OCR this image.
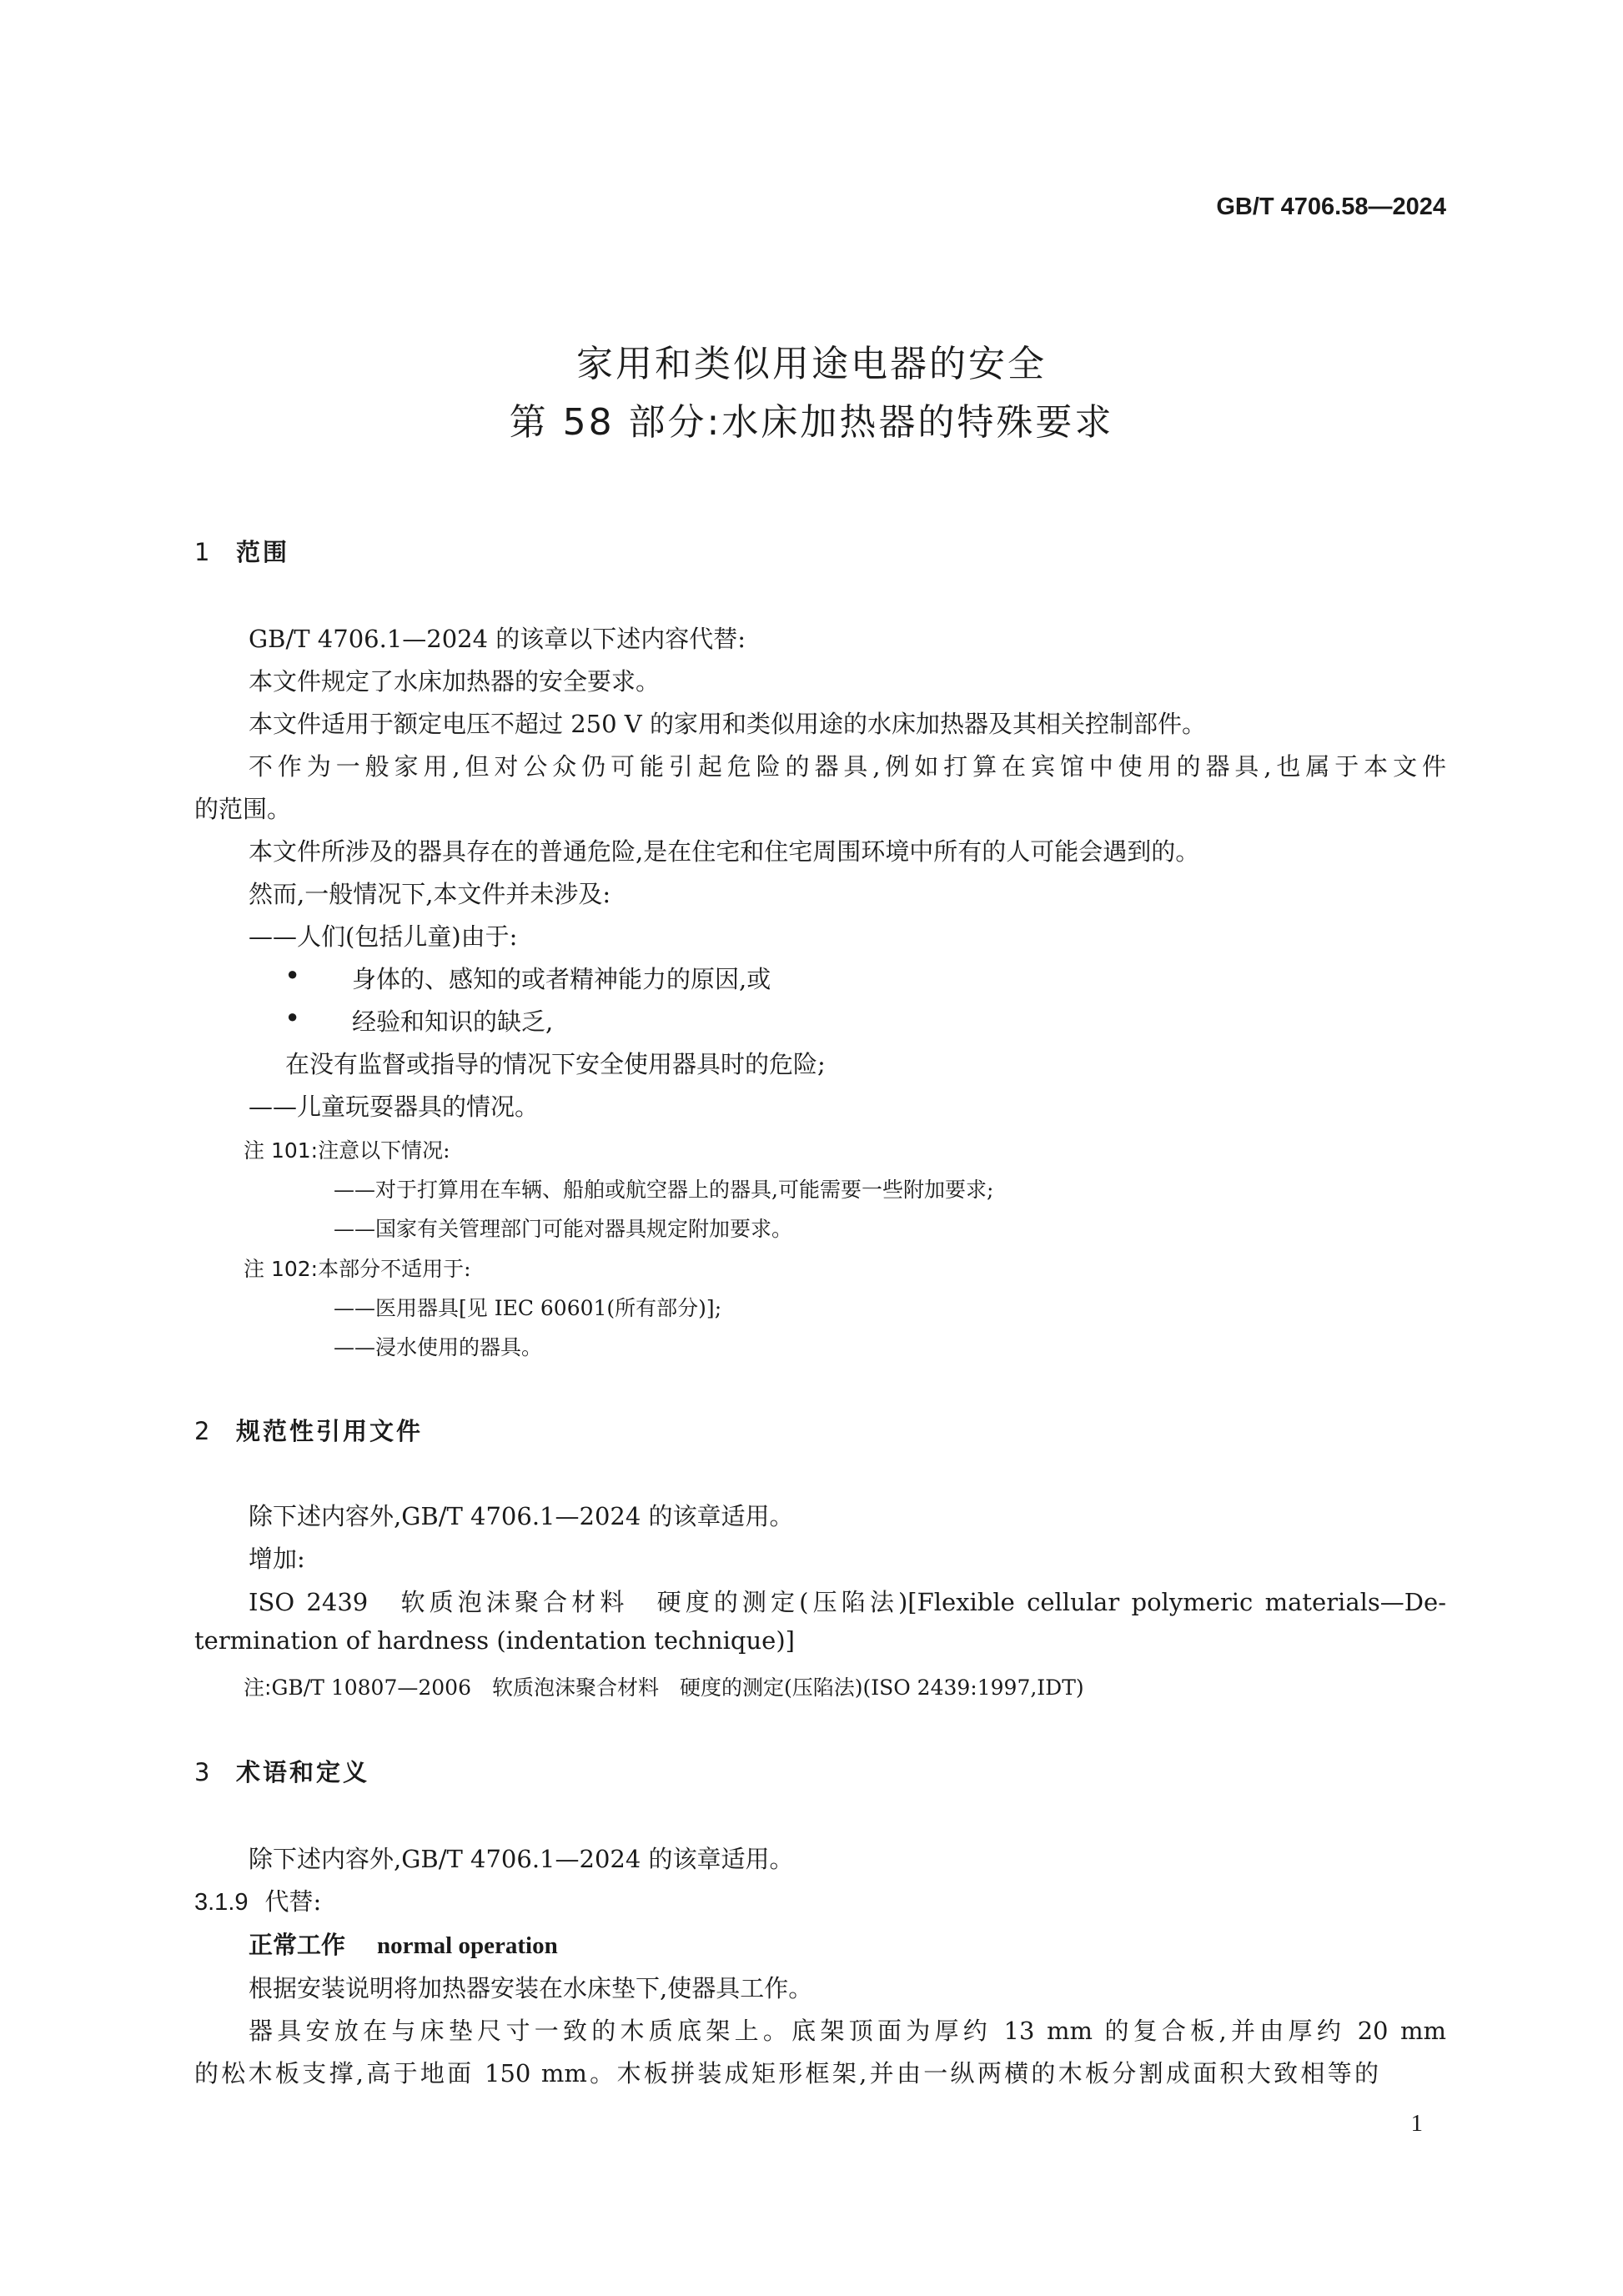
GB/T 4706.58—2024
家用和类似用途电器的安全
第 58 部分:水床加热器的特殊要求
1 范围
GB/T 4706.1—2024 的该章以下述内容代替:
本文件规定了水床加热器的安全要求。
本文件适用于额定电压不超过 250 V 的家用和类似用途的水床加热器及其相关控制部件。
不作为一般家用,但对公众仍可能引起危险的器具,例如打算在宾馆中使用的器具,也属于本文件
的范围。
本文件所涉及的器具存在的普通危险,是在住宅和住宅周围环境中所有的人可能会遇到的。
然而,一般情况下,本文件并未涉及:
——人们(包括儿童)由于:
● 身体的、感知的或者精神能力的原因,或
● 经验和知识的缺乏,
在没有监督或指导的情况下安全使用器具时的危险;
——儿童玩耍器具的情况。
注 101:注意以下情况:
——对于打算用在车辆、船舶或航空器上的器具,可能需要一些附加要求;
——国家有关管理部门可能对器具规定附加要求。
注 102:本部分不适用于:
——医用器具[见 IEC 60601(所有部分)];
——浸水使用的器具。
2 规范性引用文件
除下述内容外,GB/T 4706.1—2024 的该章适用。
增加:
ISO 2439　软质泡沫聚合材料　硬度的测定(压陷法)[Flexible cellular polymeric materials—De-
termination of hardness (indentation technique)]
注:GB/T 10807—2006　软质泡沫聚合材料　硬度的测定(压陷法)(ISO 2439:1997,IDT)
3 术语和定义
除下述内容外,GB/T 4706.1—2024 的该章适用。
3.1.9 代替:
正常工作 normal operation
根据安装说明将加热器安装在水床垫下,使器具工作。
器具安放在与床垫尺寸一致的木质底架上。底架顶面为厚约 13 mm 的复合板,并由厚约 20 mm
的松木板支撑,高于地面 150 mm。木板拼装成矩形框架,并由一纵两横的木板分割成面积大致相等的
1
